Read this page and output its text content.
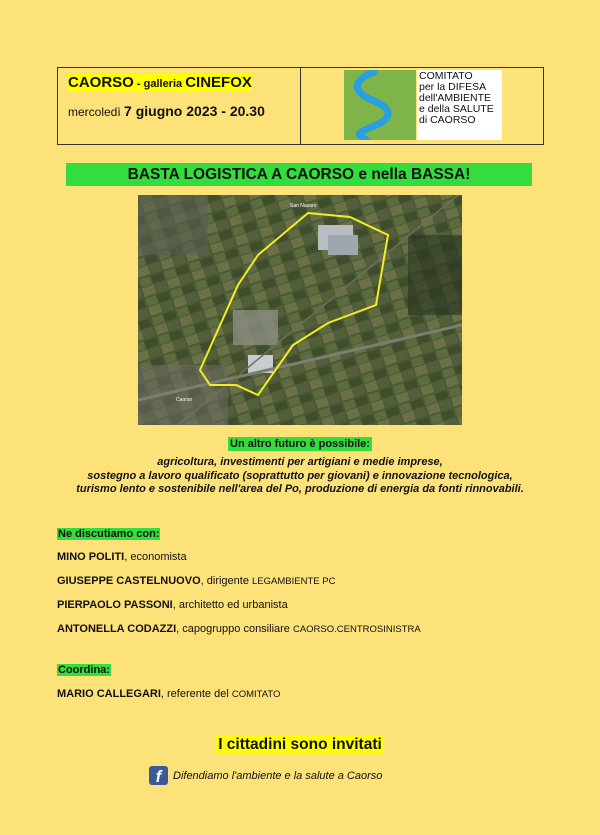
CAORSO - galleria CINEFOX
mercoledì 7 giugno 2023 - 20.30
COMITATO
per la DIFESA
dell'AMBIENTE
e della SALUTE
di CAORSO
BASTA LOGISTICA A CAORSO e nella BASSA!
San Nazaro
Caorso
Un altro futuro è possibile:
agricoltura, investimenti per artigiani e medie imprese,
sostegno a lavoro qualificato (soprattutto per giovani) e innovazione tecnologica,
turismo lento e sostenibile nell'area del Po, produzione di energia da fonti rinnovabili.
Ne discutiamo con:
MINO POLITI, economista
GIUSEPPE CASTELNUOVO, dirigente LEGAMBIENTE PC
PIERPAOLO PASSONI, architetto ed urbanista
ANTONELLA CODAZZI, capogruppo consiliare CAORSO.CENTROSINISTRA
Coordina:
MARIO CALLEGARI, referente del COMITATO
I cittadini sono invitati
f	Difendiamo l'ambiente e la salute a Caorso
